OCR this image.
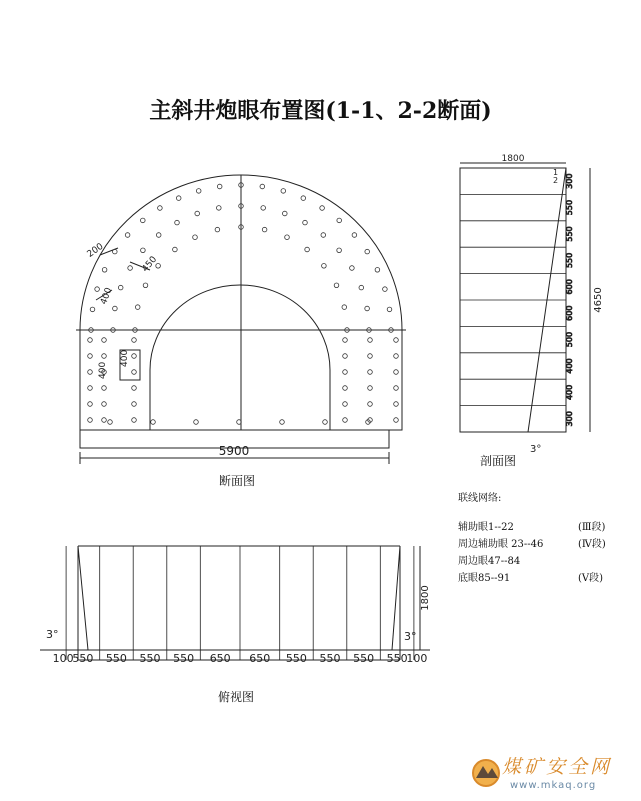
主斜井炮眼布置图(1-1、2-2断面)
5900
200
450
400
400
400
300
550
550
550
600
600
500
400
400
300
1800
4650
3°
1
2
100
550 550 550 550 650 650 550 550 550 550
100
1800
3°	3°
断面图
剖面图
俯视图
联线网络:
辅助眼1--22	(Ⅲ段)
周边辅助眼 23--46	(Ⅳ段)
周边眼47--84
底眼85--91	(Ⅴ段)
煤矿安全网
www.mkaq.org
